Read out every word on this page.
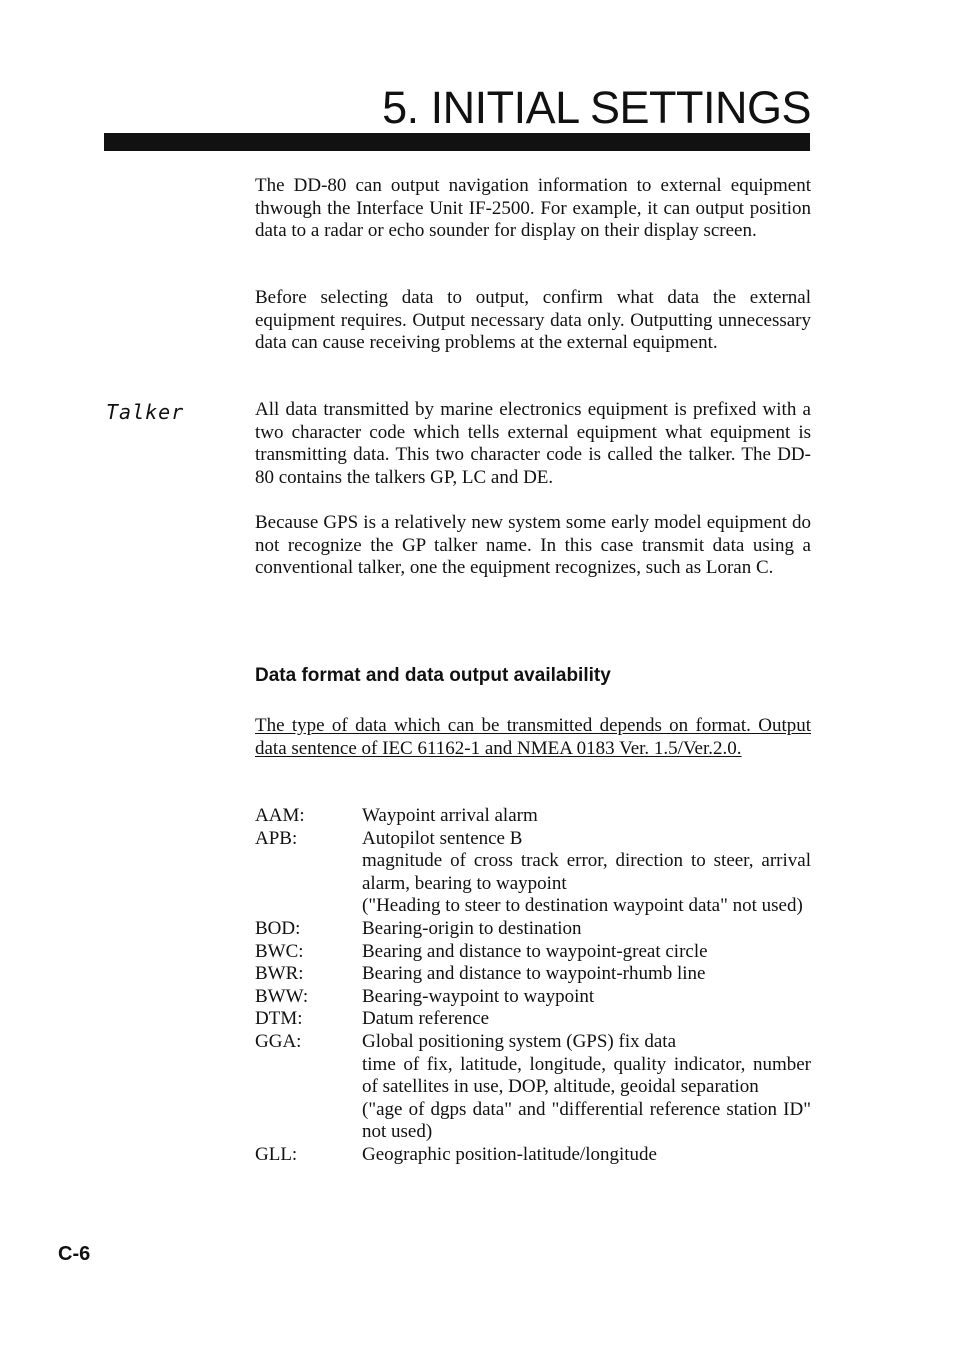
5. INITIAL SETTINGS

The DD-80 can output navigation information to external equipment thwough the Interface Unit IF-2500. For example, it can output position data to a radar or echo sounder for display on their display screen.

Before selecting data to output, confirm what data the external equipment requires. Output necessary data only. Outputting unnecessary data can cause receiving problems at the external equipment.

Talker	All data transmitted by marine electronics equipment is prefixed with a two character code which tells external equipment what equipment is transmitting data. This two character code is called the talker. The DD-80 contains the talkers GP, LC and DE.

Because GPS is a relatively new system some early model equipment do not recognize the GP talker name. In this case transmit data using a conventional talker, one the equipment recognizes, such as Loran C.

Data format and data output availability

The type of data which can be transmitted depends on format. Output data sentence of IEC 61162-1 and NMEA 0183 Ver. 1.5/Ver.2.0.

AAM:	Waypoint arrival alarm
APB:	Autopilot sentence B
magnitude of cross track error, direction to steer, arrival alarm, bearing to waypoint
("Heading to steer to destination waypoint data" not used)
BOD:	Bearing-origin to destination
BWC:	Bearing and distance to waypoint-great circle
BWR:	Bearing and distance to waypoint-rhumb line
BWW:	Bearing-waypoint to waypoint
DTM:	Datum reference
GGA:	Global positioning system (GPS) fix data
time of fix, latitude, longitude, quality indicator, number of satellites in use, DOP, altitude, geoidal separation
("age of dgps data" and "differential reference station ID" not used)
GLL:	Geographic position-latitude/longitude

C-6
